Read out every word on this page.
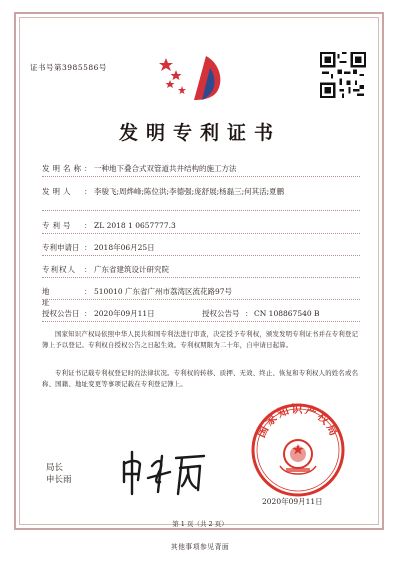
证书号第3985586号
发明专利证书
发明名称 ： 一种地下叠合式双管道共井结构的施工方法
发明人	： 李骏飞;周烨峰;陈位洪;李德强;庞舒展;杨磊三;何其活;夏鹏
专利号	： ZL 2018 1 0657777.3
专利申请日 ： 2018年06月25日
专利权人	： 广东省建筑设计研究院
地址
： 510010 广东省广州市荔湾区流花路97号
授权公告日 ： 2020年09月11日	授权公告号 ： CN 108867540 B
国家知识产权局依照中华人民共和国专利法进行审查，决定授予专利权，颁发发明专利证书并在专利登记簿上予以登记。专利权自授权公告之日起生效。专利权期限为二十年，自申请日起算。
专利证书记载专利权登记时的法律状况。专利权的转移、质押、无效、终止、恢复和专利权人的姓名或名称、国籍、地址变更等事项记载在专利登记簿上。
局长
申长雨
国家知识产权局
2020年09月11日
第 1 页（共 2 页）
其他事项参见背面
